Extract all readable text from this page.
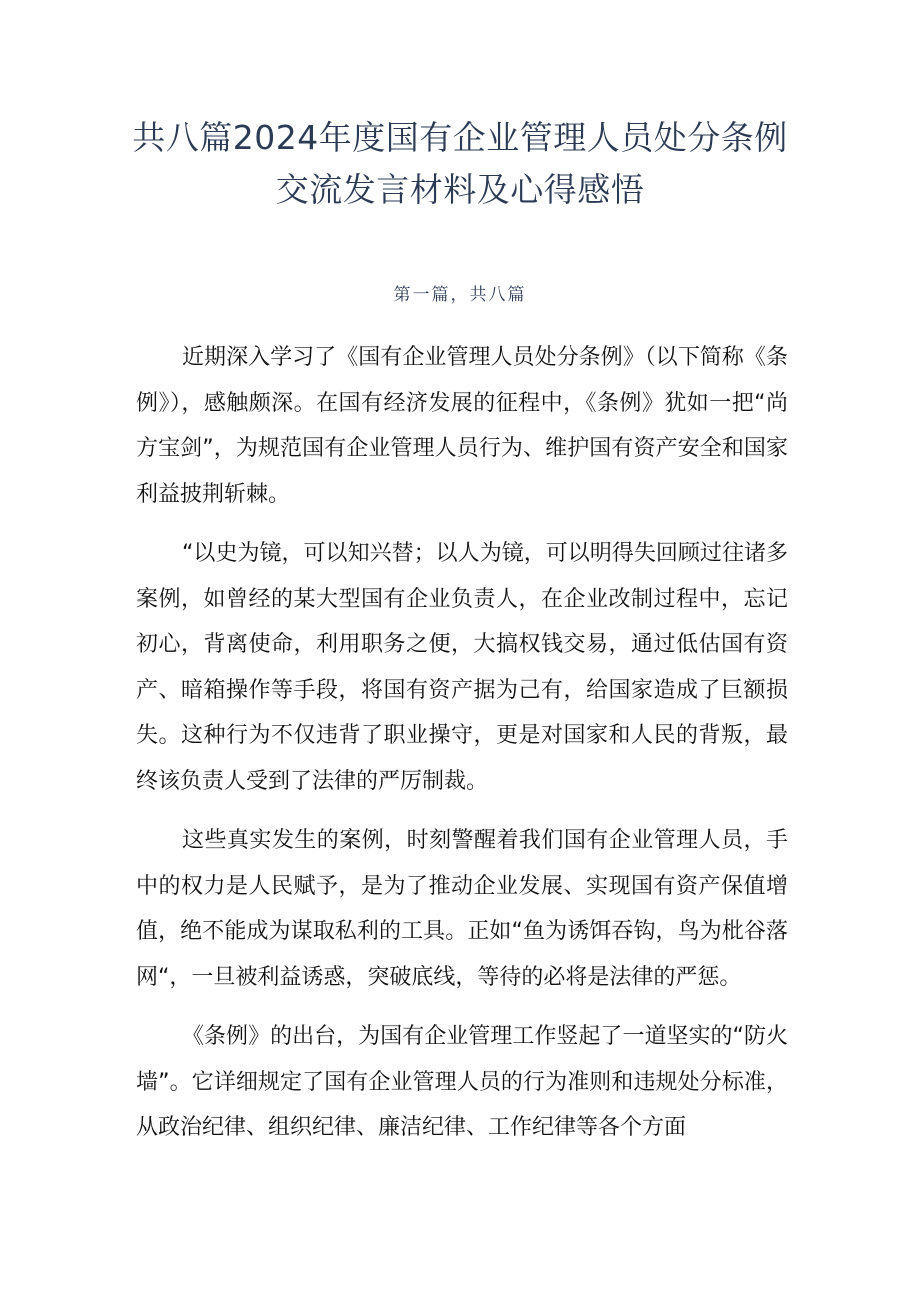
共八篇2024年度国有企业管理人员处分条例交流发言材料及心得感悟
第一篇，共八篇

近期深入学习了《国有企业管理人员处分条例》（以下简称《条例》），感触颇深。在国有经济发展的征程中，《条例》犹如一把“尚方宝剑”，为规范国有企业管理人员行为、维护国有资产安全和国家利益披荆斩棘。

“以史为镜，可以知兴替；以人为镜，可以明得失回顾过往诸多案例，如曾经的某大型国有企业负责人，在企业改制过程中，忘记初心，背离使命，利用职务之便，大搞权钱交易，通过低估国有资产、暗箱操作等手段，将国有资产据为己有，给国家造成了巨额损失。这种行为不仅违背了职业操守，更是对国家和人民的背叛，最终该负责人受到了法律的严厉制裁。

这些真实发生的案例，时刻警醒着我们国有企业管理人员，手中的权力是人民赋予，是为了推动企业发展、实现国有资产保值增值，绝不能成为谋取私利的工具。正如“鱼为诱饵吞钩，鸟为枇谷落网“，一旦被利益诱惑，突破底线，等待的必将是法律的严惩。

《条例》的出台，为国有企业管理工作竖起了一道坚实的“防火墙”。它详细规定了国有企业管理人员的行为准则和违规处分标准，从政治纪律、组织纪律、廉洁纪律、工作纪律等各个方面
